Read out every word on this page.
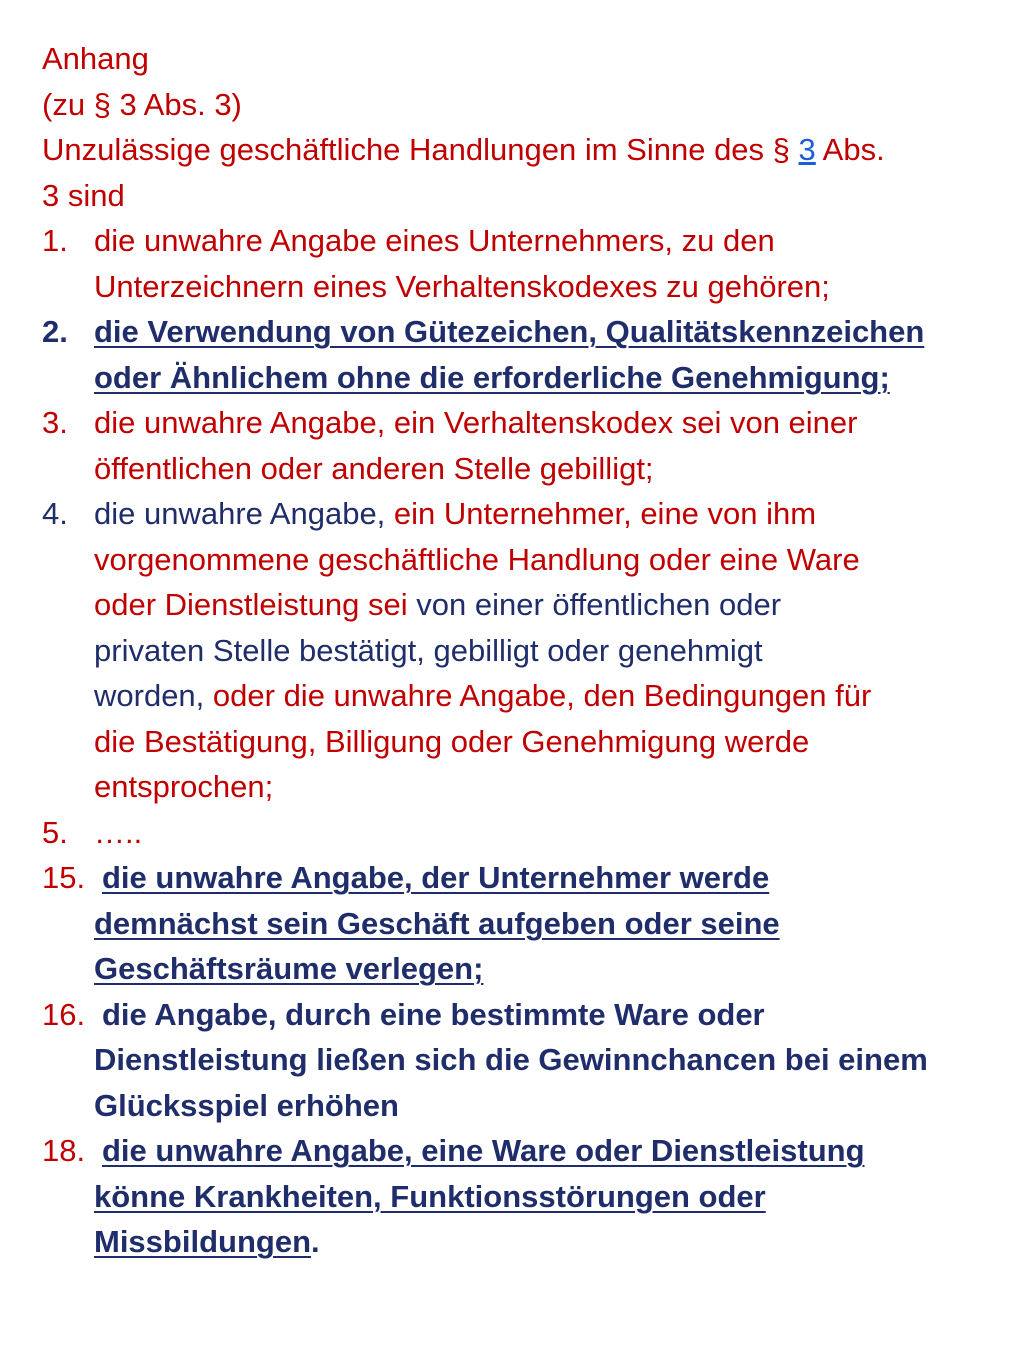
Anhang
(zu § 3 Abs. 3)
Unzulässige geschäftliche Handlungen im Sinne des § 3 Abs.
3 sind
1. die unwahre Angabe eines Unternehmers, zu den
Unterzeichnern eines Verhaltenskodexes zu gehören;
2. die Verwendung von Gütezeichen, Qualitätskennzeichen
oder Ähnlichem ohne die erforderliche Genehmigung;
3. die unwahre Angabe, ein Verhaltenskodex sei von einer
öffentlichen oder anderen Stelle gebilligt;
4. die unwahre Angabe, ein Unternehmer, eine von ihm
vorgenommene geschäftliche Handlung oder eine Ware
oder Dienstleistung sei von einer öffentlichen oder
privaten Stelle bestätigt, gebilligt oder genehmigt
worden, oder die unwahre Angabe, den Bedingungen für
die Bestätigung, Billigung oder Genehmigung werde
entsprochen;
5. …..
15. die unwahre Angabe, der Unternehmer werde
demnächst sein Geschäft aufgeben oder seine
Geschäftsräume verlegen;
16. die Angabe, durch eine bestimmte Ware oder
Dienstleistung ließen sich die Gewinnchancen bei einem
Glücksspiel erhöhen
18. die unwahre Angabe, eine Ware oder Dienstleistung
könne Krankheiten, Funktionsstörungen oder
Missbildungen.
